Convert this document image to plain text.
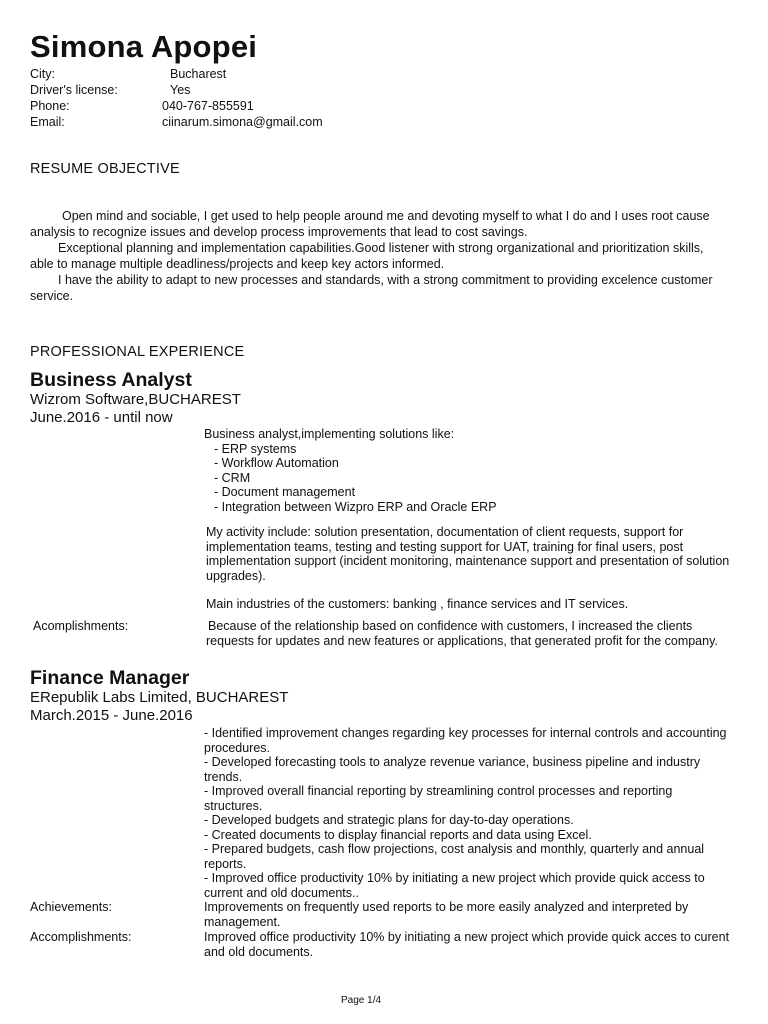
Simona Apopei
City:	Bucharest
Driver's license:	Yes
Phone:	040-767-855591
Email:	ciinarum.simona@gmail.com
RESUME OBJECTIVE
Open mind and sociable, I get used to help people around me and devoting myself to what I do and I uses root cause
analysis to recognize issues and develop process improvements that lead to cost savings.
Exceptional planning and implementation capabilities.Good listener with strong organizational and prioritization skills,
able to manage multiple deadliness/projects and keep key actors informed.
I have the ability to adapt to new processes and standards, with a strong commitment to providing excelence customer
service.
PROFESSIONAL EXPERIENCE
Business Analyst
Wizrom Software,BUCHAREST
June.2016 - until now
Business analyst,implementing solutions like:
- ERP systems
- Workflow Automation
- CRM
- Document management
- Integration between Wizpro ERP and Oracle ERP
My activity include: solution presentation, documentation of client requests, support for
implementation teams, testing and testing support for UAT, training for final users, post
implementation support (incident monitoring, maintenance support and presentation of solution
upgrades).
Main industries of the customers: banking , finance services and IT services.
Acomplishments:	Because of the relationship based on confidence with customers, I increased the clients
requests for updates and new features or applications, that generated profit for the company.
Finance Manager
ERepublik Labs Limited, BUCHAREST
March.2015 - June.2016
- Identified improvement changes regarding key processes for internal controls and accounting
procedures.
- Developed forecasting tools to analyze revenue variance, business pipeline and industry
trends.
- Improved overall financial reporting by streamlining control processes and reporting
structures.
- Developed budgets and strategic plans for day-to-day operations.
- Created documents to display financial reports and data using Excel.
- Prepared budgets, cash flow projections, cost analysis and monthly, quarterly and annual
reports.
- Improved office productivity 10% by initiating a new project which provide quick access to
current and old documents..
Achievements:	Improvements on frequently used reports to be more easily analyzed and interpreted by
management.
Accomplishments:	Improved office productivity 10% by initiating a new project which provide quick acces to curent
and old documents.
Page 1/4
